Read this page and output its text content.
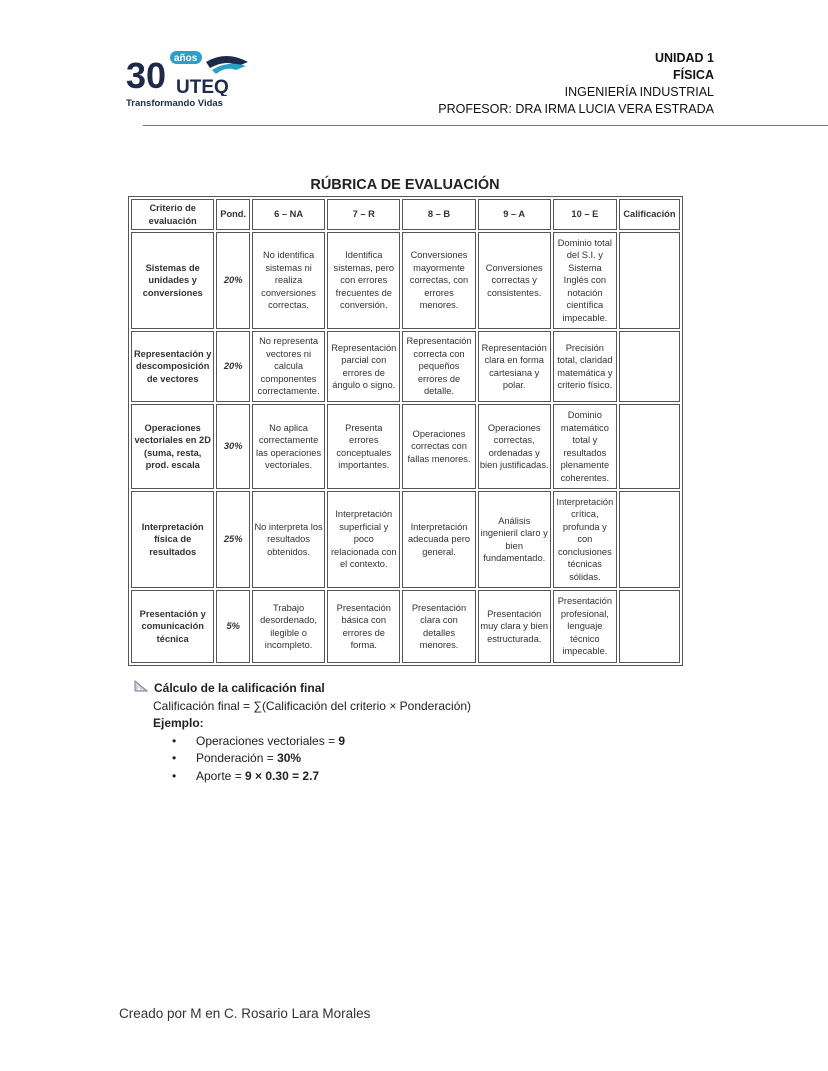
30 años
UTEQ
Transformando Vidas
UNIDAD 1
FÍSICA
INGENIERÍA INDUSTRIAL
PROFESOR: DRA IRMA LUCIA VERA ESTRADA
RÚBRICA DE EVALUACIÓN
Criterio de evaluación	Pond.	6 – NA	7 – R	8 – B	9 – A	10 – E	Calificación
Sistemas de unidades y conversiones	20%	No identifica sistemas ni realiza conversiones correctas.	Identifica sistemas, pero con errores frecuentes de conversión.	Conversiones mayormente correctas, con errores menores.	Conversiones correctas y consistentes.	Dominio total del S.I. y Sistema Inglés con notación científica impecable.	
Representación y descomposición de vectores	20%	No representa vectores ni calcula componentes correctamente.	Representación parcial con errores de ángulo o signo.	Representación correcta con pequeños errores de detalle.	Representación clara en forma cartesiana y polar.	Precisión total, claridad matemática y criterio físico.	
Operaciones vectoriales en 2D (suma, resta, prod. escala	30%	No aplica correctamente las operaciones vectoriales.	Presenta errores conceptuales importantes.	Operaciones correctas con fallas menores.	Operaciones correctas, ordenadas y bien justificadas.	Dominio matemático total y resultados plenamente coherentes.	
Interpretación física de resultados	25%	No interpreta los resultados obtenidos.	Interpretación superficial y poco relacionada con el contexto.	Interpretación adecuada pero general.	Análisis ingenieril claro y bien fundamentado.	Interpretación crítica, profunda y con conclusiones técnicas sólidas.	
Presentación y comunicación técnica	5%	Trabajo desordenado, ilegible o incompleto.	Presentación básica con errores de forma.	Presentación clara con detalles menores.	Presentación muy clara y bien estructurada.	Presentación profesional, lenguaje técnico impecable.	
Cálculo de la calificación final
Calificación final = ∑(Calificación del criterio × Ponderación)
Ejemplo:
• Operaciones vectoriales = 9
• Ponderación = 30%
• Aporte = 9 × 0.30 = 2.7
Creado por M en C. Rosario Lara Morales
